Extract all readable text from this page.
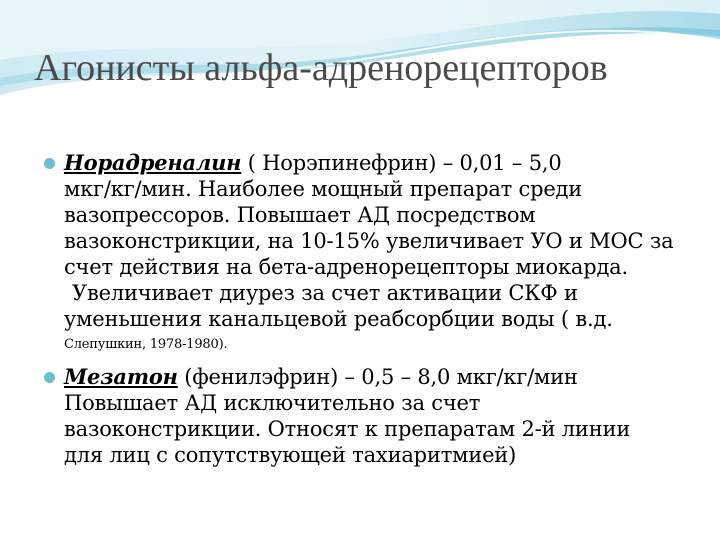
Агонисты альфа-адренорецепторов
Норадреналин ( Норэпинефрин) – 0,01 – 5,0
мкг/кг/мин. Наиболее мощный препарат среди
вазопрессоров. Повышает АД посредством
вазоконстрикции, на 10-15% увеличивает УО и МОС за
счет действия на бета-адренорецепторы миокарда.
Увеличивает диурез за счет активации СКФ и
уменьшения канальцевой реабсорбции воды ( в.д.
Слепушкин, 1978-1980).
Мезатон (фенилэфрин) – 0,5 – 8,0 мкг/кг/мин
Повышает АД исключительно за счет
вазоконстрикции. Относят к препаратам 2-й линии
для лиц с сопутствующей тахиаритмией)
